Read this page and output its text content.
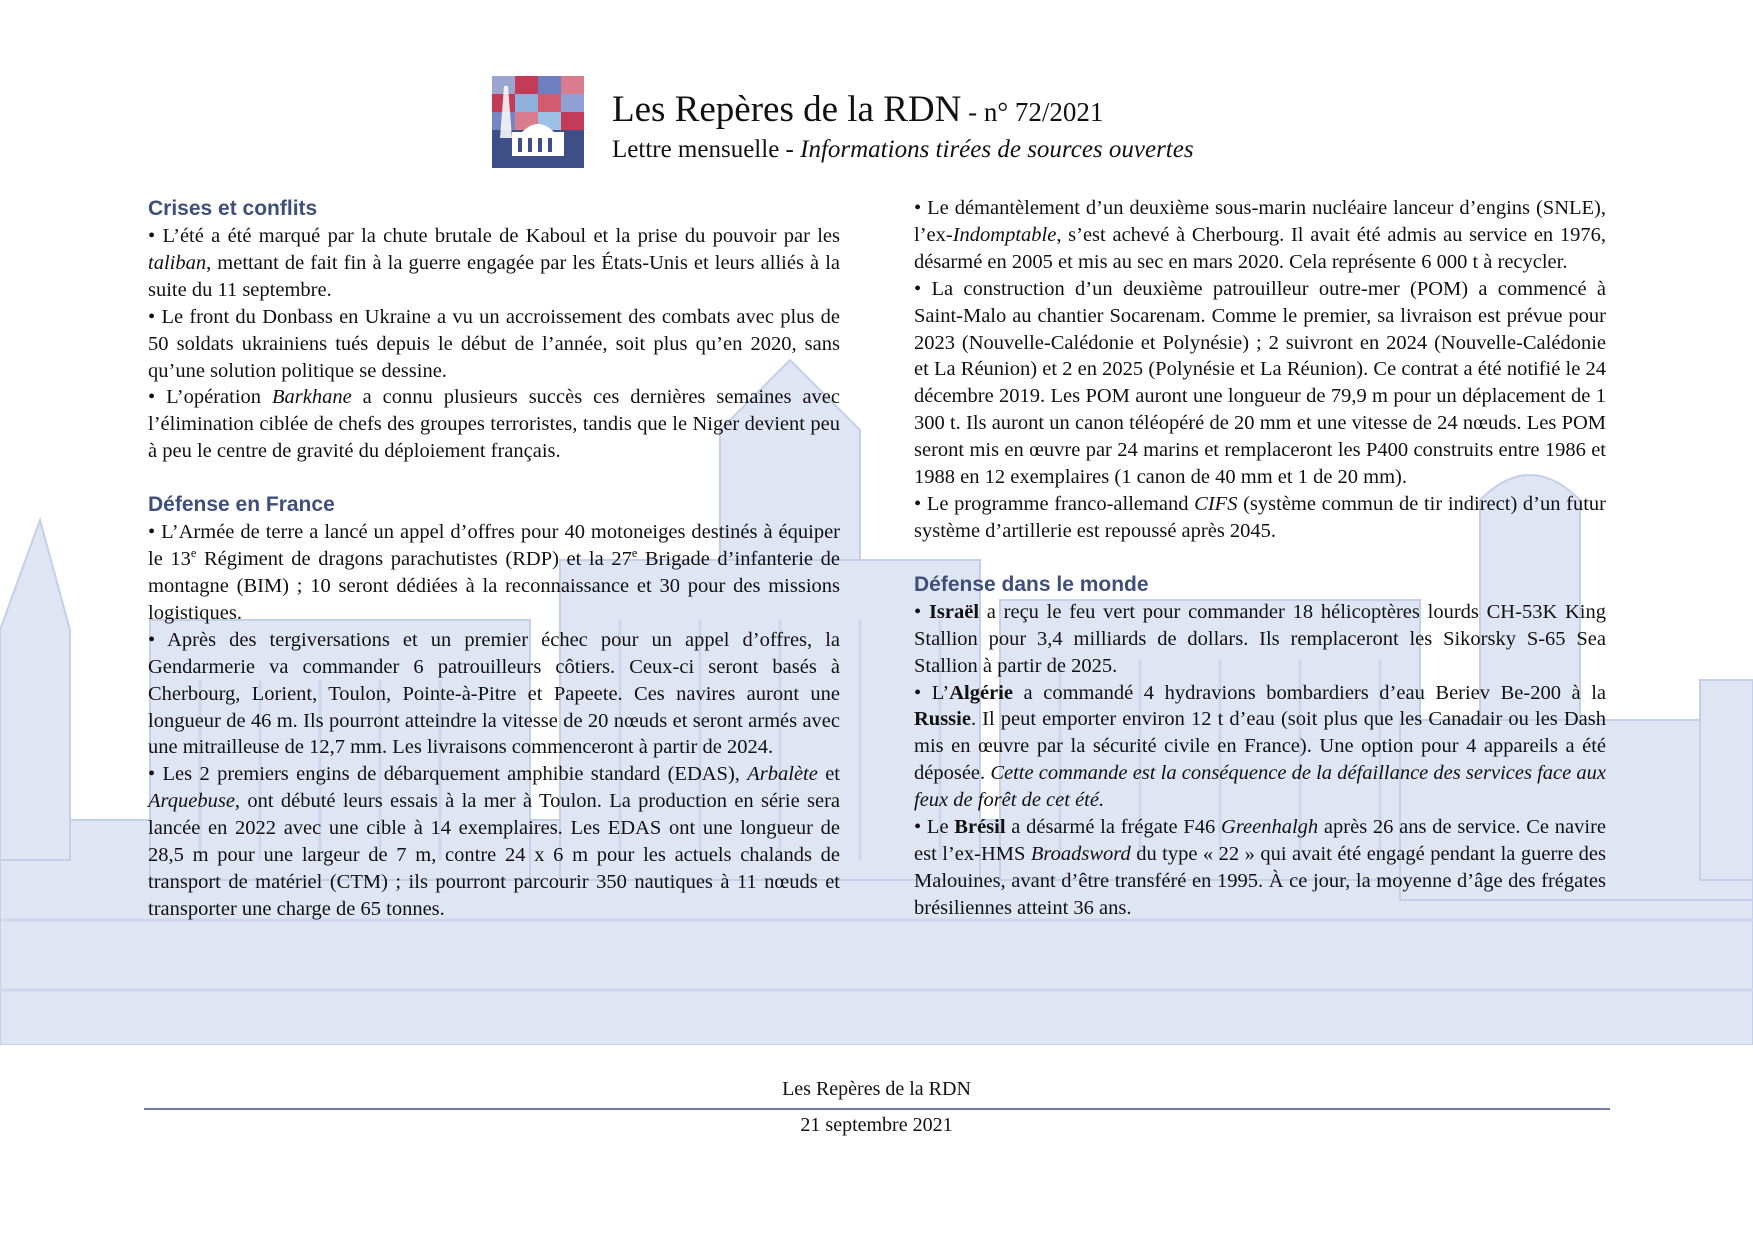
Les Repères de la RDN - n° 72/2021
Lettre mensuelle - Informations tirées de sources ouvertes
Crises et conflits

• L’été a été marqué par la chute brutale de Kaboul et la prise du pouvoir par les taliban, mettant de fait fin à la guerre engagée par les États-Unis et leurs alliés à la suite du 11 septembre.

• Le front du Donbass en Ukraine a vu un accroissement des combats avec plus de 50 soldats ukrainiens tués depuis le début de l’année, soit plus qu’en 2020, sans qu’une solution politique se dessine.

• L’opération Barkhane a connu plusieurs succès ces dernières semaines avec l’élimination ciblée de chefs des groupes terroristes, tandis que le Niger devient peu à peu le centre de gravité du déploiement français.

Défense en France

• L’Armée de terre a lancé un appel d’offres pour 40 motoneiges destinés à équiper le 13e Régiment de dragons parachutistes (RDP) et la 27e Brigade d’infanterie de montagne (BIM) ; 10 seront dédiées à la reconnaissance et 30 pour des missions logistiques.

• Après des tergiversations et un premier échec pour un appel d’offres, la Gendarmerie va commander 6 patrouilleurs côtiers. Ceux-ci seront basés à Cherbourg, Lorient, Toulon, Pointe-à-Pitre et Papeete. Ces navires auront une longueur de 46 m. Ils pourront atteindre la vitesse de 20 nœuds et seront armés avec une mitrailleuse de 12,7 mm. Les livraisons commenceront à partir de 2024.

• Les 2 premiers engins de débarquement amphibie standard (EDAS), Arbalète et Arquebuse, ont débuté leurs essais à la mer à Toulon. La production en série sera lancée en 2022 avec une cible à 14 exemplaires. Les EDAS ont une longueur de 28,5 m pour une largeur de 7 m, contre 24 x 6 m pour les actuels chalands de transport de matériel (CTM) ; ils pourront parcourir 350 nautiques à 11 nœuds et transporter une charge de 65 tonnes.

• Le démantèlement d’un deuxième sous-marin nucléaire lanceur d’engins (SNLE), l’ex-Indomptable, s’est achevé à Cherbourg. Il avait été admis au service en 1976, désarmé en 2005 et mis au sec en mars 2020. Cela représente 6 000 t à recycler.

• La construction d’un deuxième patrouilleur outre-mer (POM) a commencé à Saint-Malo au chantier Socarenam. Comme le premier, sa livraison est prévue pour 2023 (Nouvelle-Calédonie et Polynésie) ; 2 suivront en 2024 (Nouvelle-Calédonie et La Réunion) et 2 en 2025 (Polynésie et La Réunion). Ce contrat a été notifié le 24 décembre 2019. Les POM auront une longueur de 79,9 m pour un déplacement de 1 300 t. Ils auront un canon téléopéré de 20 mm et une vitesse de 24 nœuds. Les POM seront mis en œuvre par 24 marins et remplaceront les P400 construits entre 1986 et 1988 en 12 exemplaires (1 canon de 40 mm et 1 de 20 mm).

• Le programme franco-allemand CIFS (système commun de tir indirect) d’un futur système d’artillerie est repoussé après 2045.

Défense dans le monde

• Israël a reçu le feu vert pour commander 18 hélicoptères lourds CH-53K King Stallion pour 3,4 milliards de dollars. Ils remplaceront les Sikorsky S-65 Sea Stallion à partir de 2025.

• L’Algérie a commandé 4 hydravions bombardiers d’eau Beriev Be-200 à la Russie. Il peut emporter environ 12 t d’eau (soit plus que les Canadair ou les Dash mis en œuvre par la sécurité civile en France). Une option pour 4 appareils a été déposée. Cette commande est la conséquence de la défaillance des services face aux feux de forêt de cet été.

• Le Brésil a désarmé la frégate F46 Greenhalgh après 26 ans de service. Ce navire est l’ex-HMS Broadsword du type « 22 » qui avait été engagé pendant la guerre des Malouines, avant d’être transféré en 1995. À ce jour, la moyenne d’âge des frégates brésiliennes atteint 36 ans.

Les Repères de la RDN
21 septembre 2021
